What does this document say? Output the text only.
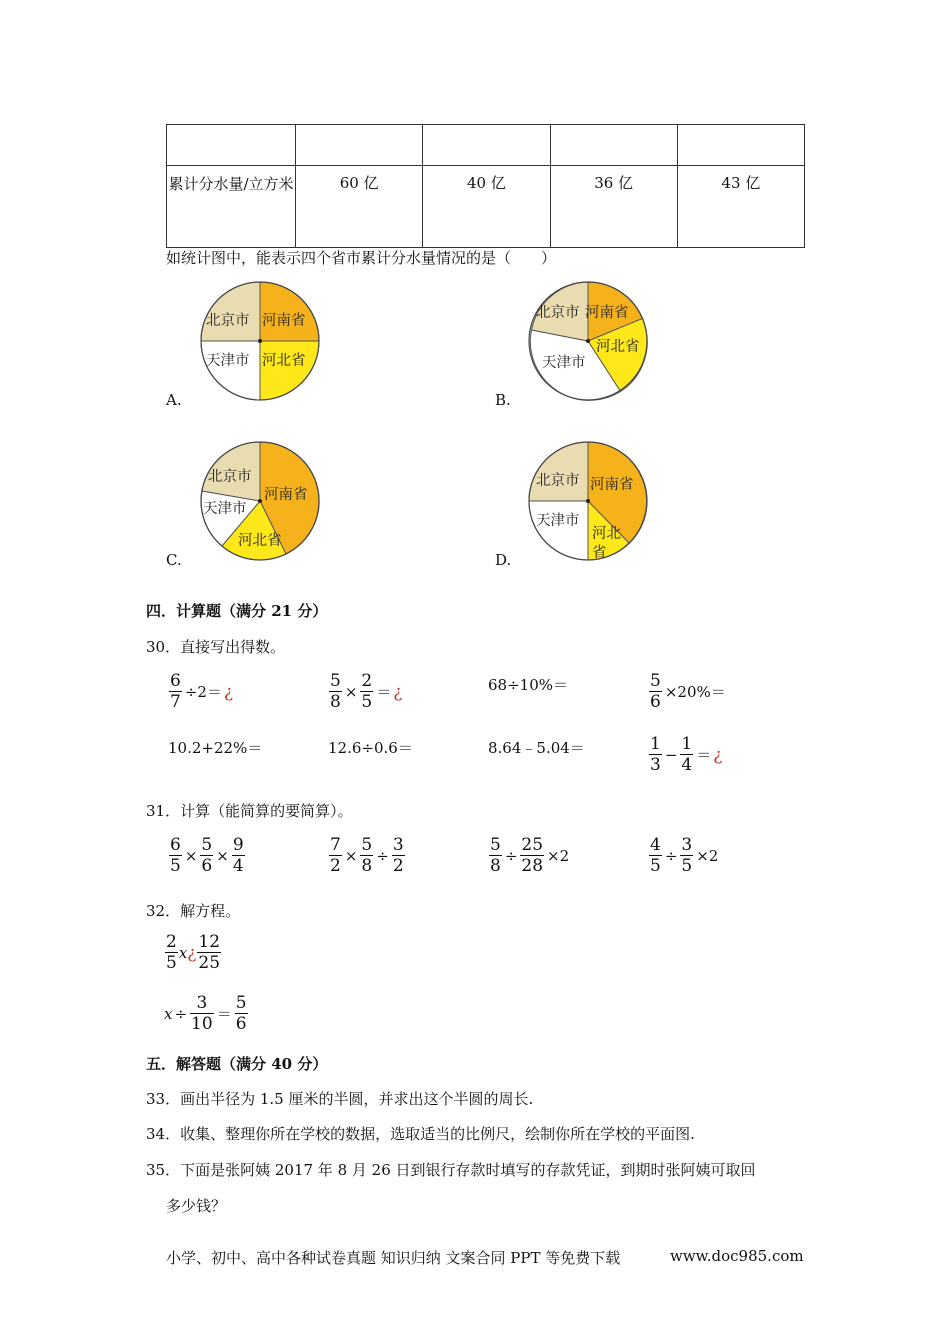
累计分水量/立方米	60 亿	40 亿	36 亿	43 亿
如统计图中，能表示四个省市累计分水量情况的是（　　）
A.
北京市 河南省
天津市 河北省
B.
北京市 河南省
天津市
河北省
C.
北京市
河南省
天津市
河北省
D.
北京市 河南省
天津市
河北
省
四．计算题（满分 21 分）
30．直接写出得数。
$\frac{6}{7} \div 2=$ ¿	$\frac{5}{8} \times \frac{2}{5}$ ＝ ¿	68÷10%＝	$\frac{5}{6} \times 20\%=$
10.2+22%＝	12.6÷0.6＝	8.64﹣5.04＝	$\frac{1}{3} - \frac{1}{4}$ ＝ ¿
31．计算（能简算的要简算）。
$\frac{6}{5} \times \frac{5}{6} \times \frac{9}{4}$	$\frac{7}{2} \times \frac{5}{8} \div \frac{3}{2}$	$\frac{5}{8} \div \frac{25}{28} \times 2$	$\frac{4}{5} \div \frac{3}{5} \times 2$
32．解方程。
$\frac{2}{5}$ x ¿ $\frac{12}{25}$
$x \div \frac{3}{10} = \frac{5}{6}$
五．解答题（满分 40 分）
33．画出半径为 1.5 厘米的半圆，并求出这个半圆的周长.
34．收集、整理你所在学校的数据，选取适当的比例尺，绘制你所在学校的平面图.
35．下面是张阿姨 2017 年 8 月 26 日到银行存款时填写的存款凭证，到期时张阿姨可取回
多少钱？
小学、初中、高中各种试卷真题 知识归纳 文案合同 PPT 等免费下载	www.doc985.com
